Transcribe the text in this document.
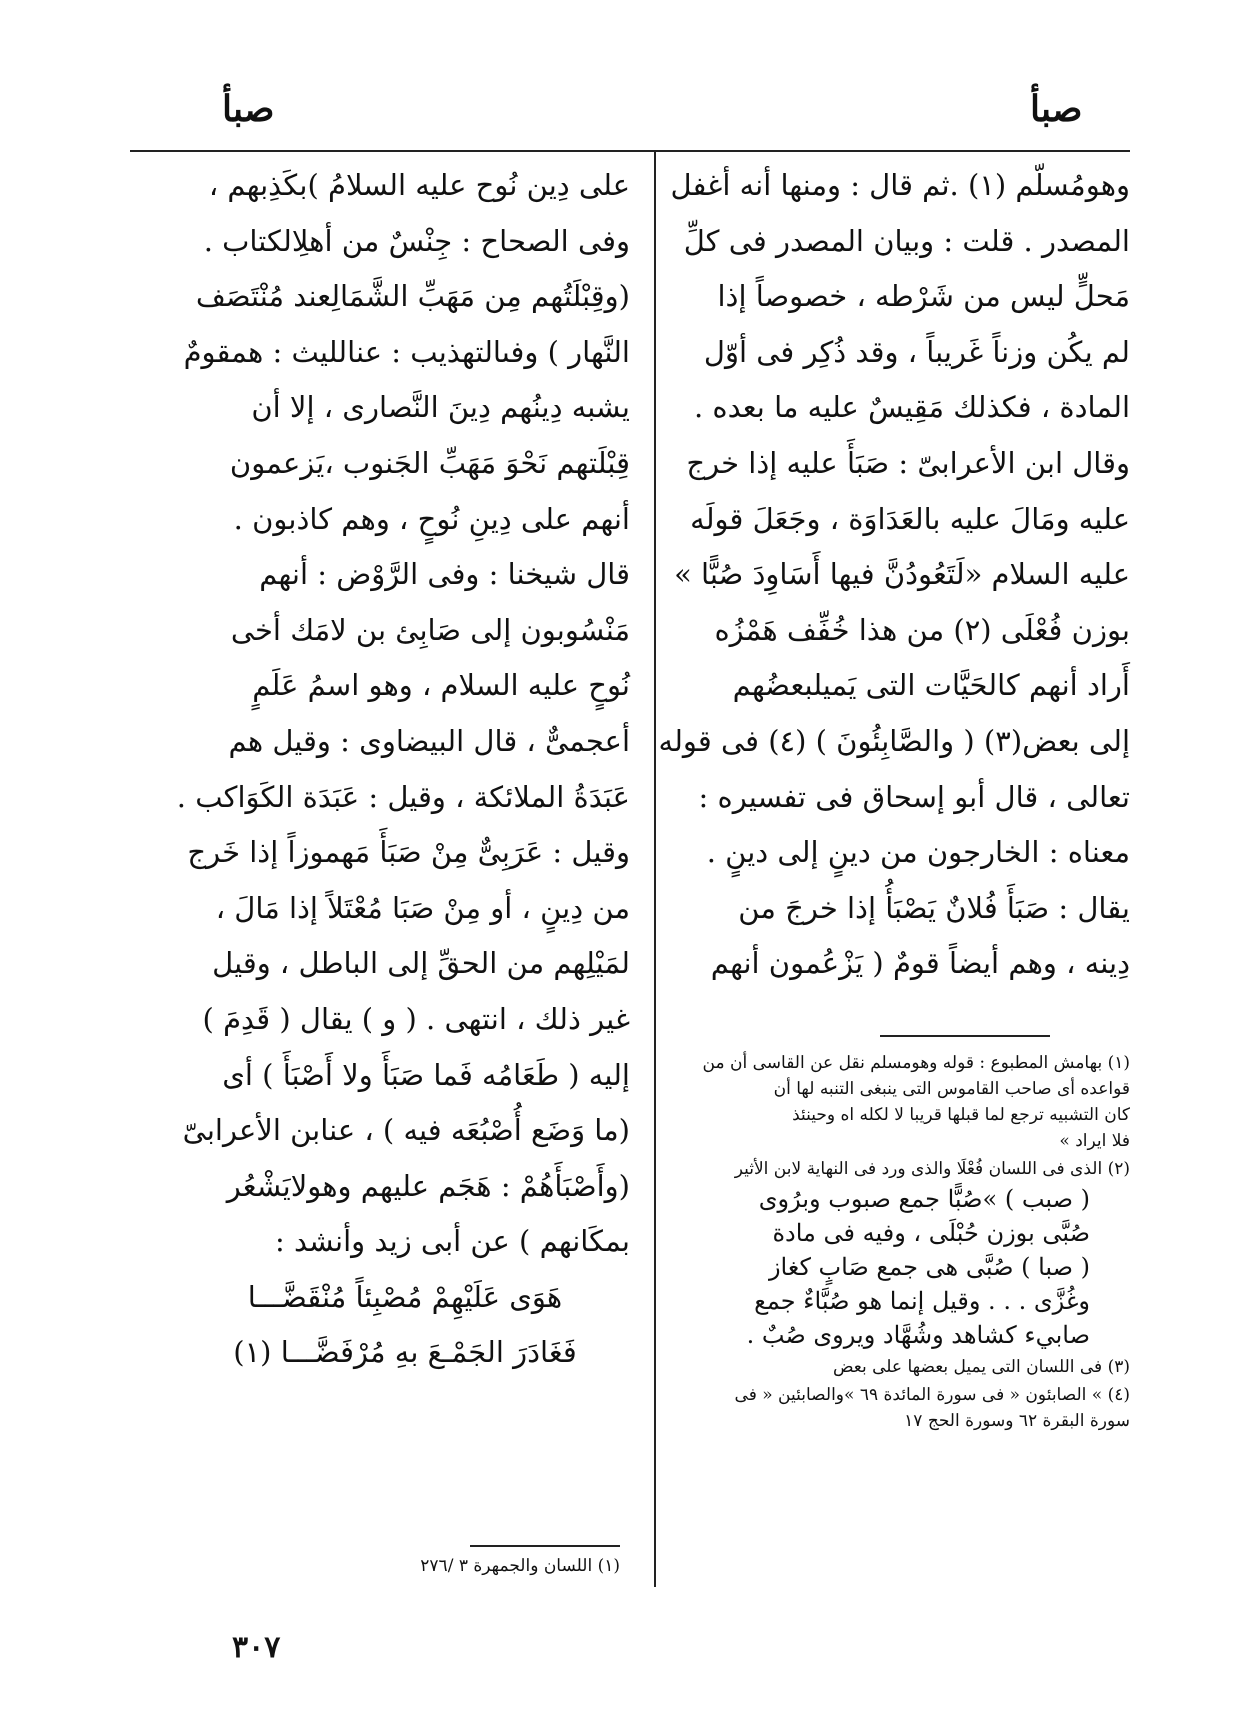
صبأ
صبأ
وهومُسلّم (١) .ثم قال : ومنها أنه أغفل
المصدر . قلت : وبيان المصدر فى كلِّ
مَحلٍّ ليس من شَرْطه ، خصوصاً إذا
لم يكُن وزناً غَريباً ، وقد ذُكِر فى أوّل
المادة ، فكذلك مَقِيسٌ عليه ما بعده .
وقال ابن الأعرابىّ : صَبَأَ عليه إذا خرج
عليه ومَالَ عليه بالعَدَاوَة ، وجَعَلَ قولَه
عليه السلام «لَتَعُودُنَّ فيها أَسَاوِدَ صُبًّا »
بوزن فُعْلَى (٢) من هذا خُفِّف هَمْزُه
أَراد أنهم كالحَيَّات التى يَميلبعضُهم
إلى بعض(٣) ( والصَّابِئُونَ ) (٤) فى قوله
تعالى ، قال أبو إسحاق فى تفسيره :
معناه : الخارجون من دينٍ إلى دينٍ .
يقال : صَبَأَ فُلانٌ يَصْبَأُ إذا خرجَ من
دِينه ، وهم أيضاً قومٌ ( يَزْعُمون أنهم
(١) بهامش المطبوع : قوله وهومسلم نقل عن القاسى أن من
قواعده أى صاحب القاموس التى ينبغى التنبه لها أن
كان التشبيه ترجع لما قبلها قريبا لا لكله اه وحينئذ
فلا ايراد »
(٢) الذى فى اللسان فُعْلَا والذى ورد فى النهاية لابن الأثير
( صبب ) »صُبًّا جمع صبوب وبرُوى
صُبَّى بوزن حُبْلَى ، وفيه فى مادة
( صبا ) صُبَّى هى جمع صَابٍ كغاز
وغُزَّى . . . وقيل إنما هو صُبَّاءٌ جمع
صابيء كشاهد وشُهَّاد ويروى صُبٌ .
(٣) فى اللسان التى يميل بعضها على بعض
(٤) » الصابئون « فى سورة المائدة ٦٩ »والصابئين « فى
سورة البقرة ٦٢ وسورة الحج ١٧
على دِين نُوح عليه السلامُ )بكَذِبهم ،
وفى الصحاح : جِنْسٌ من أهلِالكتاب .
(وقِبْلَتُهم مِن مَهَبِّ الشَّمَالِعند مُنْتَصَف
النَّهار ) وفىالتهذيب : عنالليث : همقومٌ
يشبه دِينُهم دِينَ النَّصارى ، إلا أن
قِبْلَتهم نَحْوَ مَهَبِّ الجَنوب ،يَزعمون
أنهم على دِينِ نُوحٍ ، وهم كاذبون .
قال شيخنا : وفى الرَّوْض : أنهم
مَنْسُوبون إلى صَابِئ بن لامَك أخى
نُوحٍ عليه السلام ، وهو اسمُ عَلَمٍ
أعجمىٌّ ، قال البيضاوى : وقيل هم
عَبَدَةُ الملائكة ، وقيل : عَبَدَة الكَوَاكب .
وقيل : عَرَبِىٌّ مِنْ صَبَأَ مَهموزاً إذا خَرج
من دِينٍ ، أو مِنْ صَبَا مُعْتَلاً إذا مَالَ ،
لمَيْلِهم من الحقِّ إلى الباطل ، وقيل
غير ذلك ، انتهى . ( و ) يقال ( قَدِمَ )
إليه ( طَعَامُه فَما صَبَأَ ولا أَصْبَأَ ) أى
(ما وَضَع أُصْبُعَه فيه ) ، عنابن الأعرابىّ
(وأَصْبَأَهُمْ : هَجَم عليهم وهولايَشْعُر
بمكَانهم ) عن أبى زيد وأنشد :
هَوَى عَلَيْهِمْ مُصْبِئاً مُنْقَضَّـــا
فَغَادَرَ الجَمْـعَ بهِ مُرْفَضَّـــا (١)
(١) اللسان والجمهرة ٣ /٢٧٦
٣٠٧
